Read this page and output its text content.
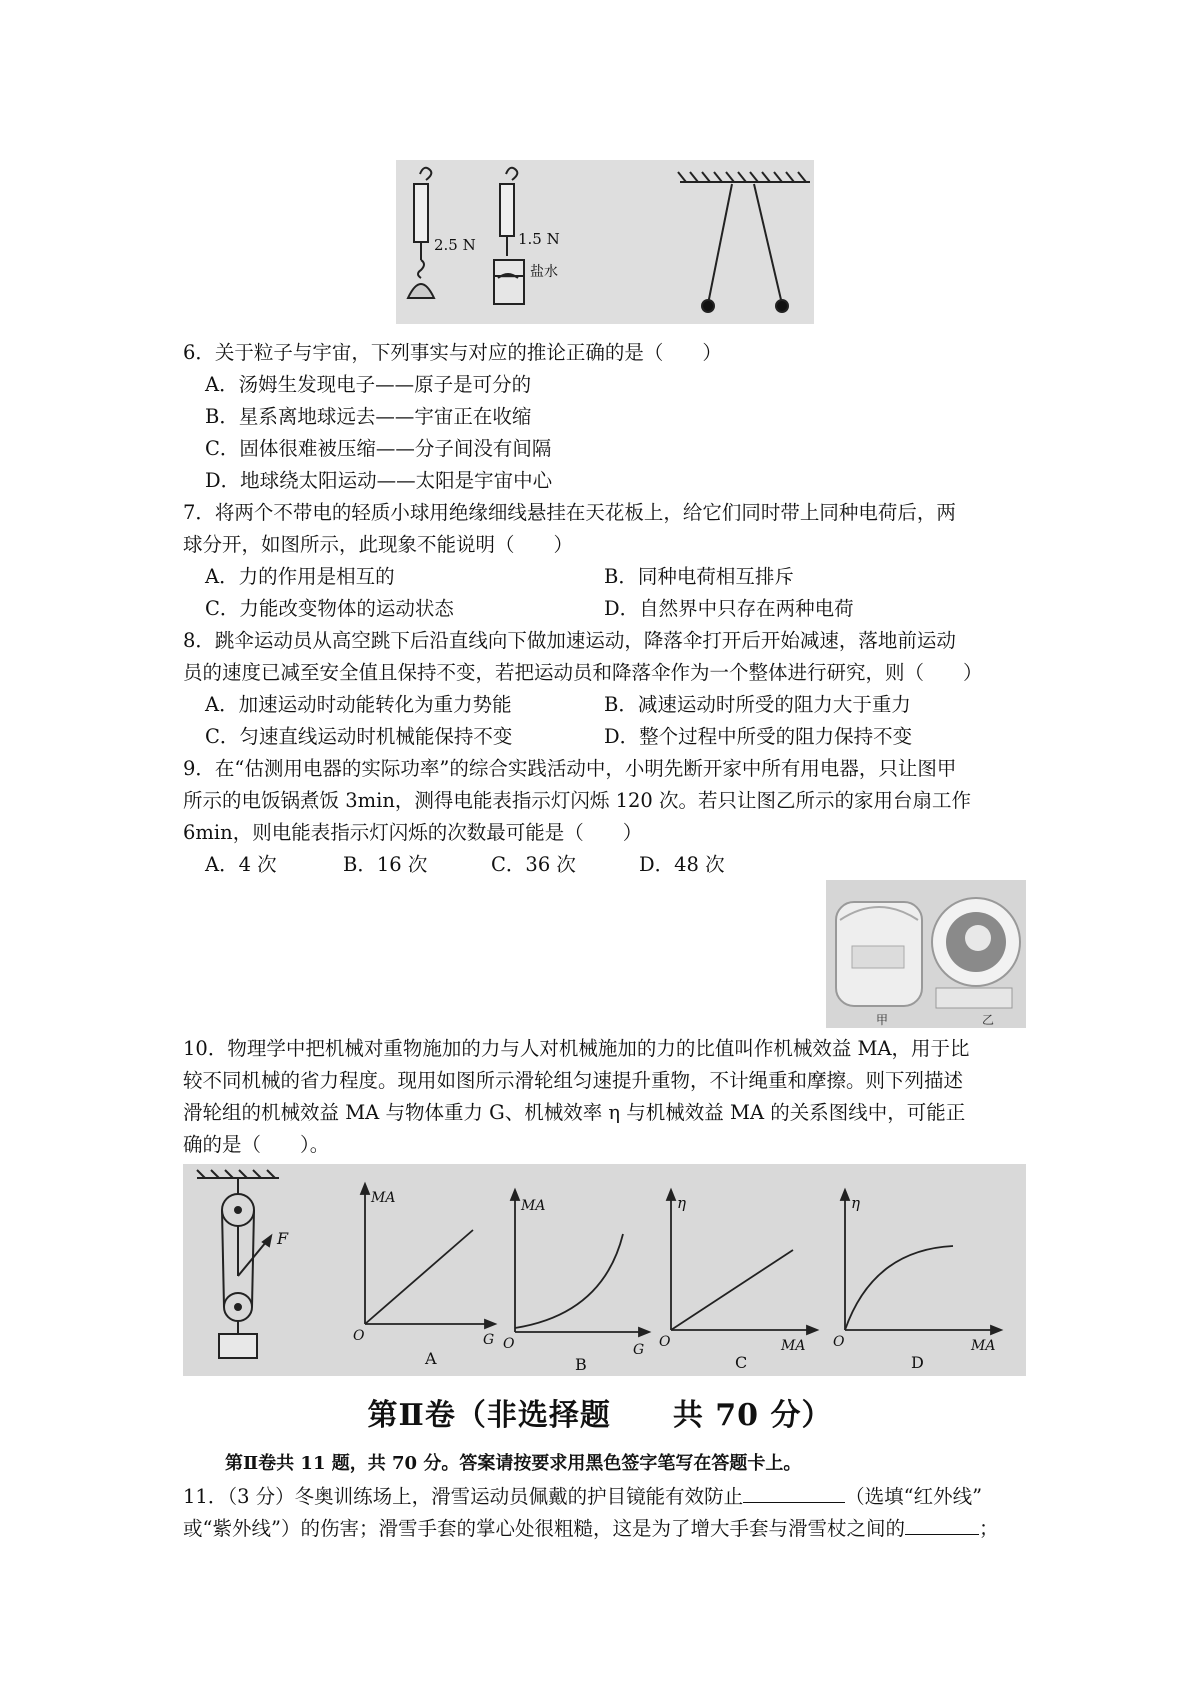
2.5 N	1.5 N
盐水
6．关于粒子与宇宙，下列事实与对应的推论正确的是（　　）
A．汤姆生发现电子——原子是可分的
B．星系离地球远去——宇宙正在收缩
C．固体很难被压缩——分子间没有间隔
D．地球绕太阳运动——太阳是宇宙中心
7．将两个不带电的轻质小球用绝缘细线悬挂在天花板上，给它们同时带上同种电荷后，两
球分开，如图所示，此现象不能说明（　　）
A．力的作用是相互的	B．同种电荷相互排斥
C．力能改变物体的运动状态	D．自然界中只存在两种电荷
8．跳伞运动员从高空跳下后沿直线向下做加速运动，降落伞打开后开始减速，落地前运动
员的速度已减至安全值且保持不变，若把运动员和降落伞作为一个整体进行研究，则（　　）
A．加速运动时动能转化为重力势能	B．减速运动时所受的阻力大于重力
C．匀速直线运动时机械能保持不变	D．整个过程中所受的阻力保持不变
9．在“估测用电器的实际功率”的综合实践活动中，小明先断开家中所有用电器，只让图甲
所示的电饭锅煮饭 3min，测得电能表指示灯闪烁 120 次。若只让图乙所示的家用台扇工作
6min，则电能表指示灯闪烁的次数最可能是（　　）
A．4 次	B．16 次	C．36 次	D．48 次
甲	乙
10．物理学中把机械对重物施加的力与人对机械施加的力的比值叫作机械效益 MA，用于比
较不同机械的省力程度。现用如图所示滑轮组匀速提升重物，不计绳重和摩擦。则下列描述
滑轮组的机械效益 MA 与物体重力 G、机械效率 η 与机械效益 MA 的关系图线中，可能正
确的是（　　）。
F
MA
G
O
A
MA
G
O
B
η
MA
O
C
η
MA
O
D
第Ⅱ卷（非选择题　　共 70 分）
第Ⅱ卷共 11 题，共 70 分。答案请按要求用黑色签字笔写在答题卡上。
11．（3 分）冬奥训练场上，滑雪运动员佩戴的护目镜能有效防止	（选填“红外线”
或“紫外线”）的伤害；滑雪手套的掌心处很粗糙，这是为了增大手套与滑雪杖之间的	；
